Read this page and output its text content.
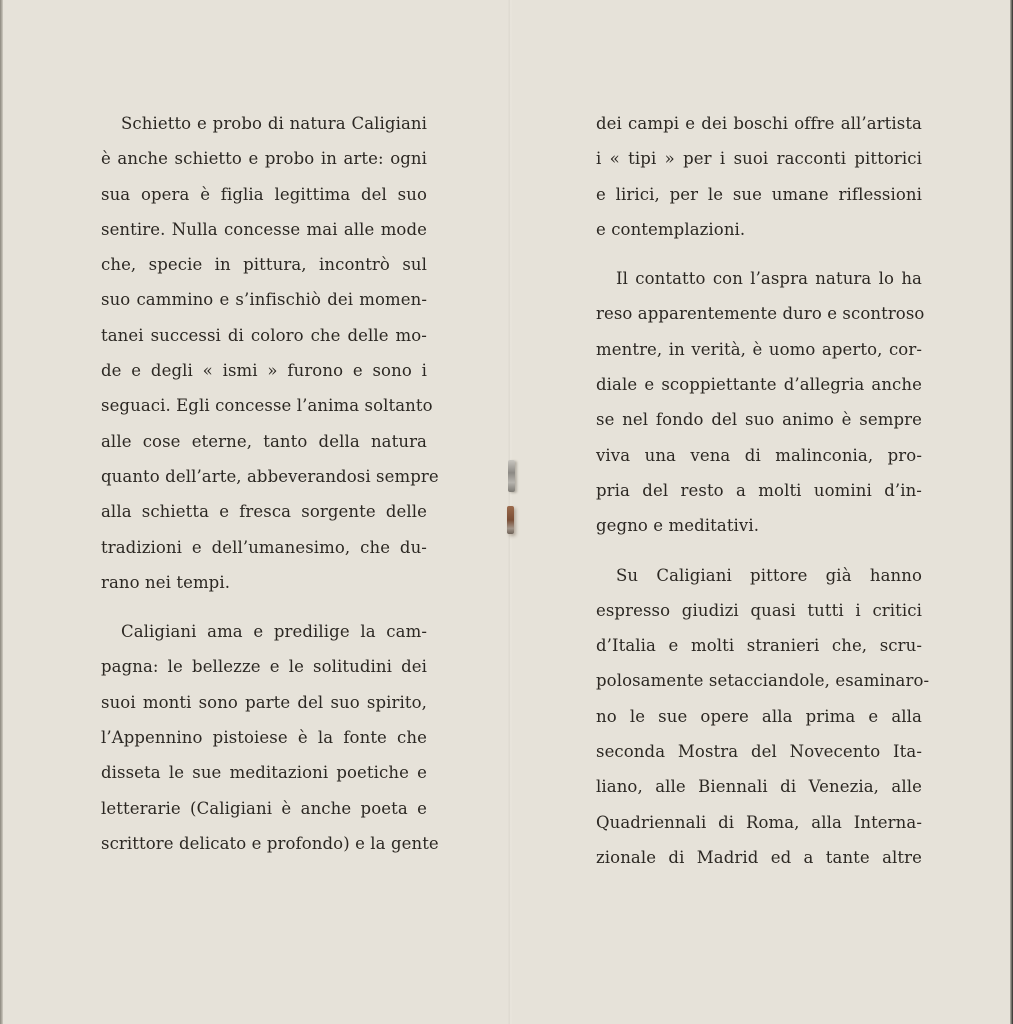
Schietto e probo di natura Caligiani
è anche schietto e probo in arte: ogni
sua opera è figlia legittima del suo
sentire. Nulla concesse mai alle mode
che, specie in pittura, incontrò sul
suo cammino e s’infischiò dei momen-
tanei successi di coloro che delle mo-
de e degli « ismi » furono e sono i
seguaci. Egli concesse l’anima soltanto
alle cose eterne, tanto della natura
quanto dell’arte, abbeverandosi sempre
alla schietta e fresca sorgente delle
tradizioni e dell’umanesimo, che du-
rano nei tempi.
Caligiani ama e predilige la cam-
pagna: le bellezze e le solitudini dei
suoi monti sono parte del suo spirito,
l’Appennino pistoiese è la fonte che
disseta le sue meditazioni poetiche e
letterarie (Caligiani è anche poeta e
scrittore delicato e profondo) e la gente
dei campi e dei boschi offre all’artista
i « tipi » per i suoi racconti pittorici
e lirici, per le sue umane riflessioni
e contemplazioni.
Il contatto con l’aspra natura lo ha
reso apparentemente duro e scontroso
mentre, in verità, è uomo aperto, cor-
diale e scoppiettante d’allegria anche
se nel fondo del suo animo è sempre
viva una vena di malinconia, pro-
pria del resto a molti uomini d’in-
gegno e meditativi.
Su Caligiani pittore già hanno
espresso giudizi quasi tutti i critici
d’Italia e molti stranieri che, scru-
polosamente setacciandole, esaminaro-
no le sue opere alla prima e alla
seconda Mostra del Novecento Ita-
liano, alle Biennali di Venezia, alle
Quadriennali di Roma, alla Interna-
zionale di Madrid ed a tante altre
